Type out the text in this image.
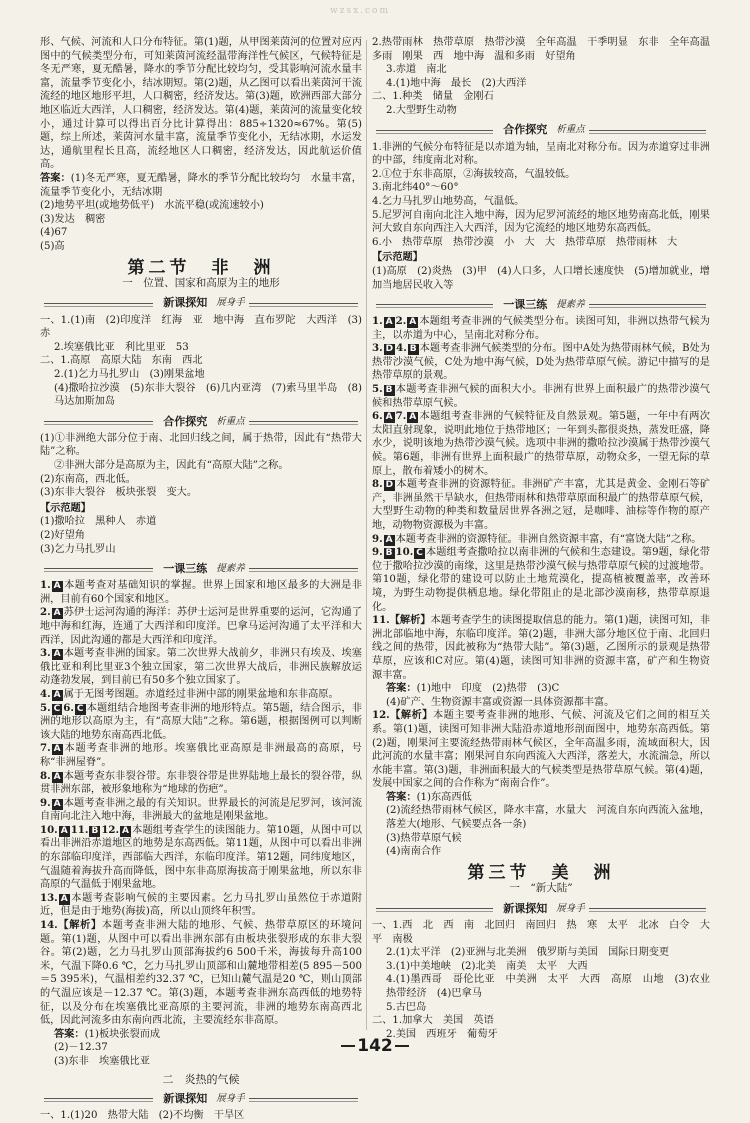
wzsx.com

形、气候、河流和人口分布特征。第(1)题，从甲图莱茵河的位置对应丙图中的气候类型分布，可知莱茵河流经温带海洋性气候区，气候特征是冬无严寒，夏无酷暑，降水的季节分配比较均匀，受其影响河流水量丰富，流量季节变化小，结冰期短。第(2)题，从乙图可以看出莱茵河干流流经的地区地形平坦，人口稠密，经济发达。第(3)题，欧洲西部大部分地区临近大西洋，人口稠密，经济发达。第(4)题，莱茵河的流量变化较小，通过计算可以得出百分比计算得出：885÷1320≈67%。第(5)题，综上所述，莱茵河水量丰富，流量季节变化小，无结冰期，水运发达，通航里程长且高，流经地区人口稠密，经济发达，因此航运价值高。

答案：(1)冬无严寒，夏无酷暑，降水的季节分配比较均匀　水量丰富，流量季节变化小，无结冰期

(2)地势平坦(或地势低平)　水流平稳(或流速较小)

(3)发达　稠密

(4)67

(5)高

第二节　非　洲
一　位置、国家和高原为主的地形
新课探知 展身手

一、1.(1)南　(2)印度洋　红海　亚　地中海　直布罗陀　大西洋　(3)赤

2.埃塞俄比亚　利比里亚　53

二、1.高原　高原大陆　东南　西北

2.(1)乞力马扎罗山　(3)刚果盆地

(4)撒哈拉沙漠　(5)东非大裂谷　(6)几内亚湾　(7)索马里半岛　(8)马达加斯加岛

合作探究 析重点

(1)①非洲绝大部分位于南、北回归线之间，属于热带，因此有“热带大陆”之称。

②非洲大部分是高原为主，因此有“高原大陆”之称。

(2)东南高，西北低。

(3)东非大裂谷　板块张裂　变大。

【示范题】

(1)撒哈拉　黑种人　赤道

(2)好望角

(3)乞力马扎罗山

一课三练 提素养

1. A 本题考查对基础知识的掌握。世界上国家和地区最多的大洲是非洲，目前有60个国家和地区。

2. A 苏伊士运河沟通的海洋：苏伊士运河是世界重要的运河，它沟通了地中海和红海，连通了大西洋和印度洋。巴拿马运河沟通了太平洋和大西洋，因此沟通的都是大西洋和印度洋。

3. A 本题考查非洲的国家。第二次世界大战前夕，非洲只有埃及、埃塞俄比亚和利比里亚3个独立国家，第二次世界大战后，非洲民族解放运动蓬勃发展，到目前已有50多个独立国家了。

4. A 属于无图考图题。赤道经过非洲中部的刚果盆地和东非高原。

5. C 6. C 本题组结合地图考查非洲的地形特点。第5题，结合图示，非洲的地形以高原为主，有“高原大陆”之称。第6题，根据图例可以判断该大陆的地势东南高西北低。

7. A 本题考查非洲的地形。埃塞俄比亚高原是非洲最高的高原，号称“非洲屋脊”。

8. A 本题考查东非裂谷带。东非裂谷带是世界陆地上最长的裂谷带，纵贯非洲东部，被形象地称为“地球的伤疤”。

9. A 本题考查非洲之最的有关知识。世界最长的河流是尼罗河，该河流自南向北注入地中海，非洲最大的盆地是刚果盆地。

10. A 11. B 12. A 本题组考查学生的读图能力。第10题，从图中可以看出非洲沿赤道地区的地势是东高西低。第11题，从图中可以看出非洲的东部临印度洋，西部临大西洋，东临印度洋。第12题，同纬度地区，气温随着海拔升高而降低，图中东非高原海拔高于刚果盆地，所以东非高原的气温低于刚果盆地。

13. A 本题考查影响气候的主要因素。乞力马扎罗山虽然位于赤道附近，但是由于地势(海拔)高，所以山顶终年积雪。

14.【解析】本题考查非洲大陆的地形、气候、热带草原区的环境问题。第(1)题，从图中可以看出非洲东部有由板块张裂形成的东非大裂谷。第(2)题，乞力马扎罗山顶部海拔约6 500千米，海拔每升高100米，气温下降0.6 ℃，乞力马扎罗山顶部和山麓地带相差(5 895－500＝5 395米)，气温相差约32.37 ℃，已知山麓气温是20 ℃，则山顶部的气温应该是－12.37 ℃。第(3)题，本题考查非洲东高西低的地势特征，以及分布在埃塞俄比亚高原的主要河流，非洲的地势东南高西北低，因此河流多由东南向西北流，主要流经东非高原。

答案：(1)板块张裂而成

(2)－12.37

(3)东非　埃塞俄比亚

二　炎热的气候
新课探知 展身手

一、1.(1)20　热带大陆　(2)不均衡　干旱区

2.热带雨林　热带草原　热带沙漠　全年高温　干季明显　东非　全年高温多雨　刚果　西　地中海　温和多雨　好望角

3.赤道　南北

4.(1)地中海　最长　(2)大西洋

二、1.种类　储量　金刚石

2.大型野生动物

合作探究 析重点

1.非洲的气候分布特征是以赤道为轴，呈南北对称分布。因为赤道穿过非洲的中部，纬度南北对称。

2.①位于东非高原，②海拔较高，气温较低。

3.南北纬40°～60°

4.乞力马扎罗山地势高，气温低。

5.尼罗河自南向北注入地中海，因为尼罗河流经的地区地势南高北低，刚果河大致自东向西注入大西洋，因为它流经的地区地势东高西低。

6.小　热带草原　热带沙漠　小　大　大　热带草原　热带雨林　大

【示范题】

(1)高原　(2)炎热　(3)甲　(4)人口多，人口增长速度快　(5)增加就业，增加当地居民收入等

一课三练 提素养

1. A 2. A 本题组考查非洲的气候类型分布。读图可知，非洲以热带气候为主，以赤道为中心，呈南北对称分布。

3. D 4. B 本题考查非洲气候类型的分布。图中A处为热带雨林气候，B处为热带沙漠气候，C处为地中海气候，D处为热带草原气候。游记中描写的是热带草原的景观。

5. B 本题考查非洲气候的面积大小。非洲有世界上面积最广的热带沙漠气候和热带草原气候。

6. A 7. A 本题组考查非洲的气候特征及自然景观。第5题，一年中有两次太阳直射现象，说明此地位于热带地区；一年到头都很炎热，蒸发旺盛，降水少，说明该地为热带沙漠气候。选项中非洲的撒哈拉沙漠属于热带沙漠气候。第6题，非洲有世界上面积最广的热带草原，动物众多，一望无际的草原上，散布着矮小的树木。

8. D 本题考查非洲的资源特征。非洲矿产丰富，尤其是黄金、金刚石等矿产，非洲虽然干旱缺水，但热带雨林和热带草原面积最广的热带草原气候，大型野生动物的种类和数量居世界各洲之冠，是咖啡、油棕等作物的原产地，动物物资源极为丰富。

9. A 本题考查非洲的资源特征。非洲自然资源丰富，有“富饶大陆”之称。

9. B 10. C 本题组考查撒哈拉以南非洲的气候和生态建设。第9题，绿化带位于撒哈拉沙漠的南缘，这里是热带沙漠气候与热带草原气候的过渡地带。第10题，绿化带的建设可以防止土地荒漠化，提高植被覆盖率，改善环境，为野生动物提供栖息地。绿化带阻止的是北部沙漠南移，热带草原退化。

11.【解析】本题考查学生的读图提取信息的能力。第(1)题，读图可知，非洲北部临地中海，东临印度洋。第(2)题，非洲大部分地区位于南、北回归线之间的热带，因此被称为“热带大陆”。第(3)题，乙图所示的景观是热带草原，应该和C对应。第(4)题，读图可知非洲的资源丰富，矿产和生物资源丰富。

答案：(1)地中　印度　(2)热带　(3)C

(4)矿产、生物资源丰富或资源一具体资源都丰富。

12.【解析】本题主要考查非洲的地形、气候、河流及它们之间的相互关系。第(1)题，读图可知非洲大陆沿赤道地形剖面图中，地势东高西低。第(2)题，刚果河主要流经热带雨林气候区，全年高温多雨，流域面积大，因此河流的水量丰富；刚果河自东向西流入大西洋，落差大，水流湍急，所以水能丰富。第(3)题，非洲面积最大的气候类型是热带草原气候。第(4)题，发展中国家之间的合作称为“南南合作”。

答案：(1)东高西低

(2)流经热带雨林气候区，降水丰富，水量大　河流自东向西流入盆地，落差大(地形、气候要点各一条)

(3)热带草原气候

(4)南南合作

第三节　美　洲
一　“新大陆”
新课探知 展身手

一、1.西　北　西　南　北回归　南回归　热　寒　太平　北冰　白令　大平　南极

2.(1)太平洋　(2)亚洲与北美洲　俄罗斯与美国　国际日期变更

3.(1)中美地峡　(2)北美　南美　太平　大西

4.(1)墨西哥　哥伦比亚　中美洲　太平　大西　高原　山地　(3)农业　热带经济　(4)巴拿马

5.古巴岛

二、1.加拿大　美国　英语

2.美国　西班牙　葡萄牙

142
